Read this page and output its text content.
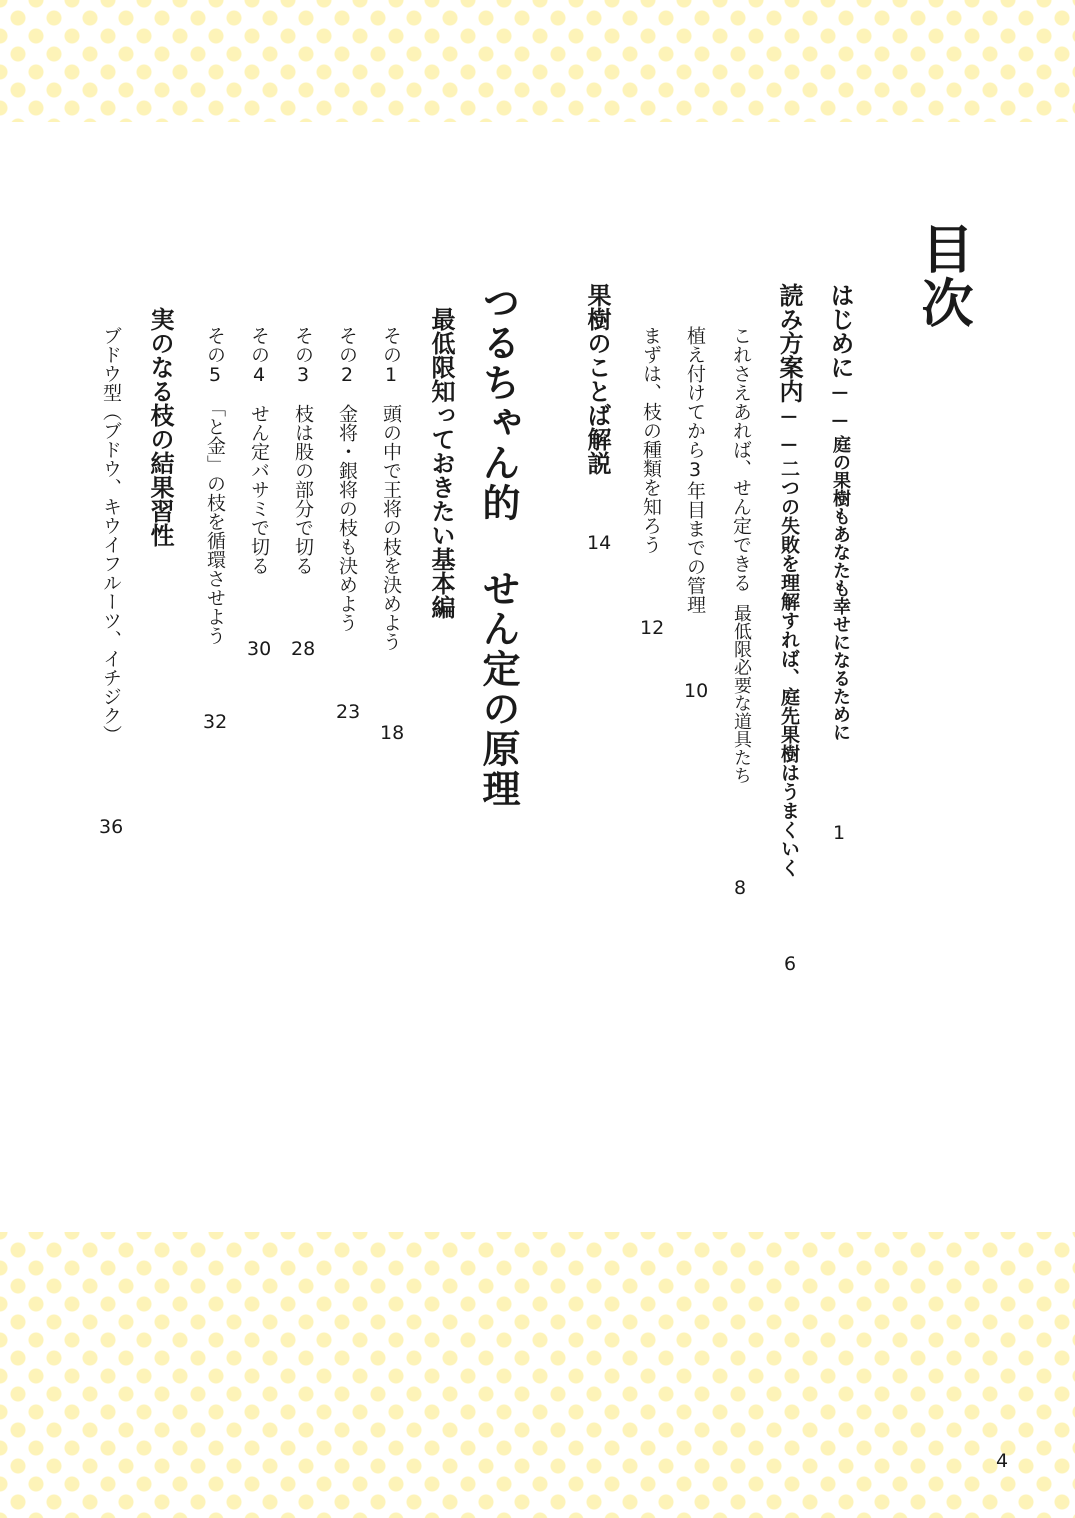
目次
はじめに──庭の果樹もあなたも幸せになるために
1
読み方案内──二つの失敗を理解すれば、庭先果樹はうまくいく
6
これさえあれば、せん定できる最低限必要な道具たち
8
植え付けてから3年目までの管理
10
まずは、枝の種類を知ろう
12
果樹のことば解説
14
つるちゃん的 せん定の原理
最低限知っておきたい基本編
その1頭の中で王将の枝を決めよう
18
その2金将・銀将の枝も決めよう
23
その3枝は股の部分で切る
28
その4せん定バサミで切る
30
その5「と金」の枝を循環させよう
32
実のなる枝の結果習性
ブドウ型（ブドウ、キウイフルーツ、イチジク）
36
4
